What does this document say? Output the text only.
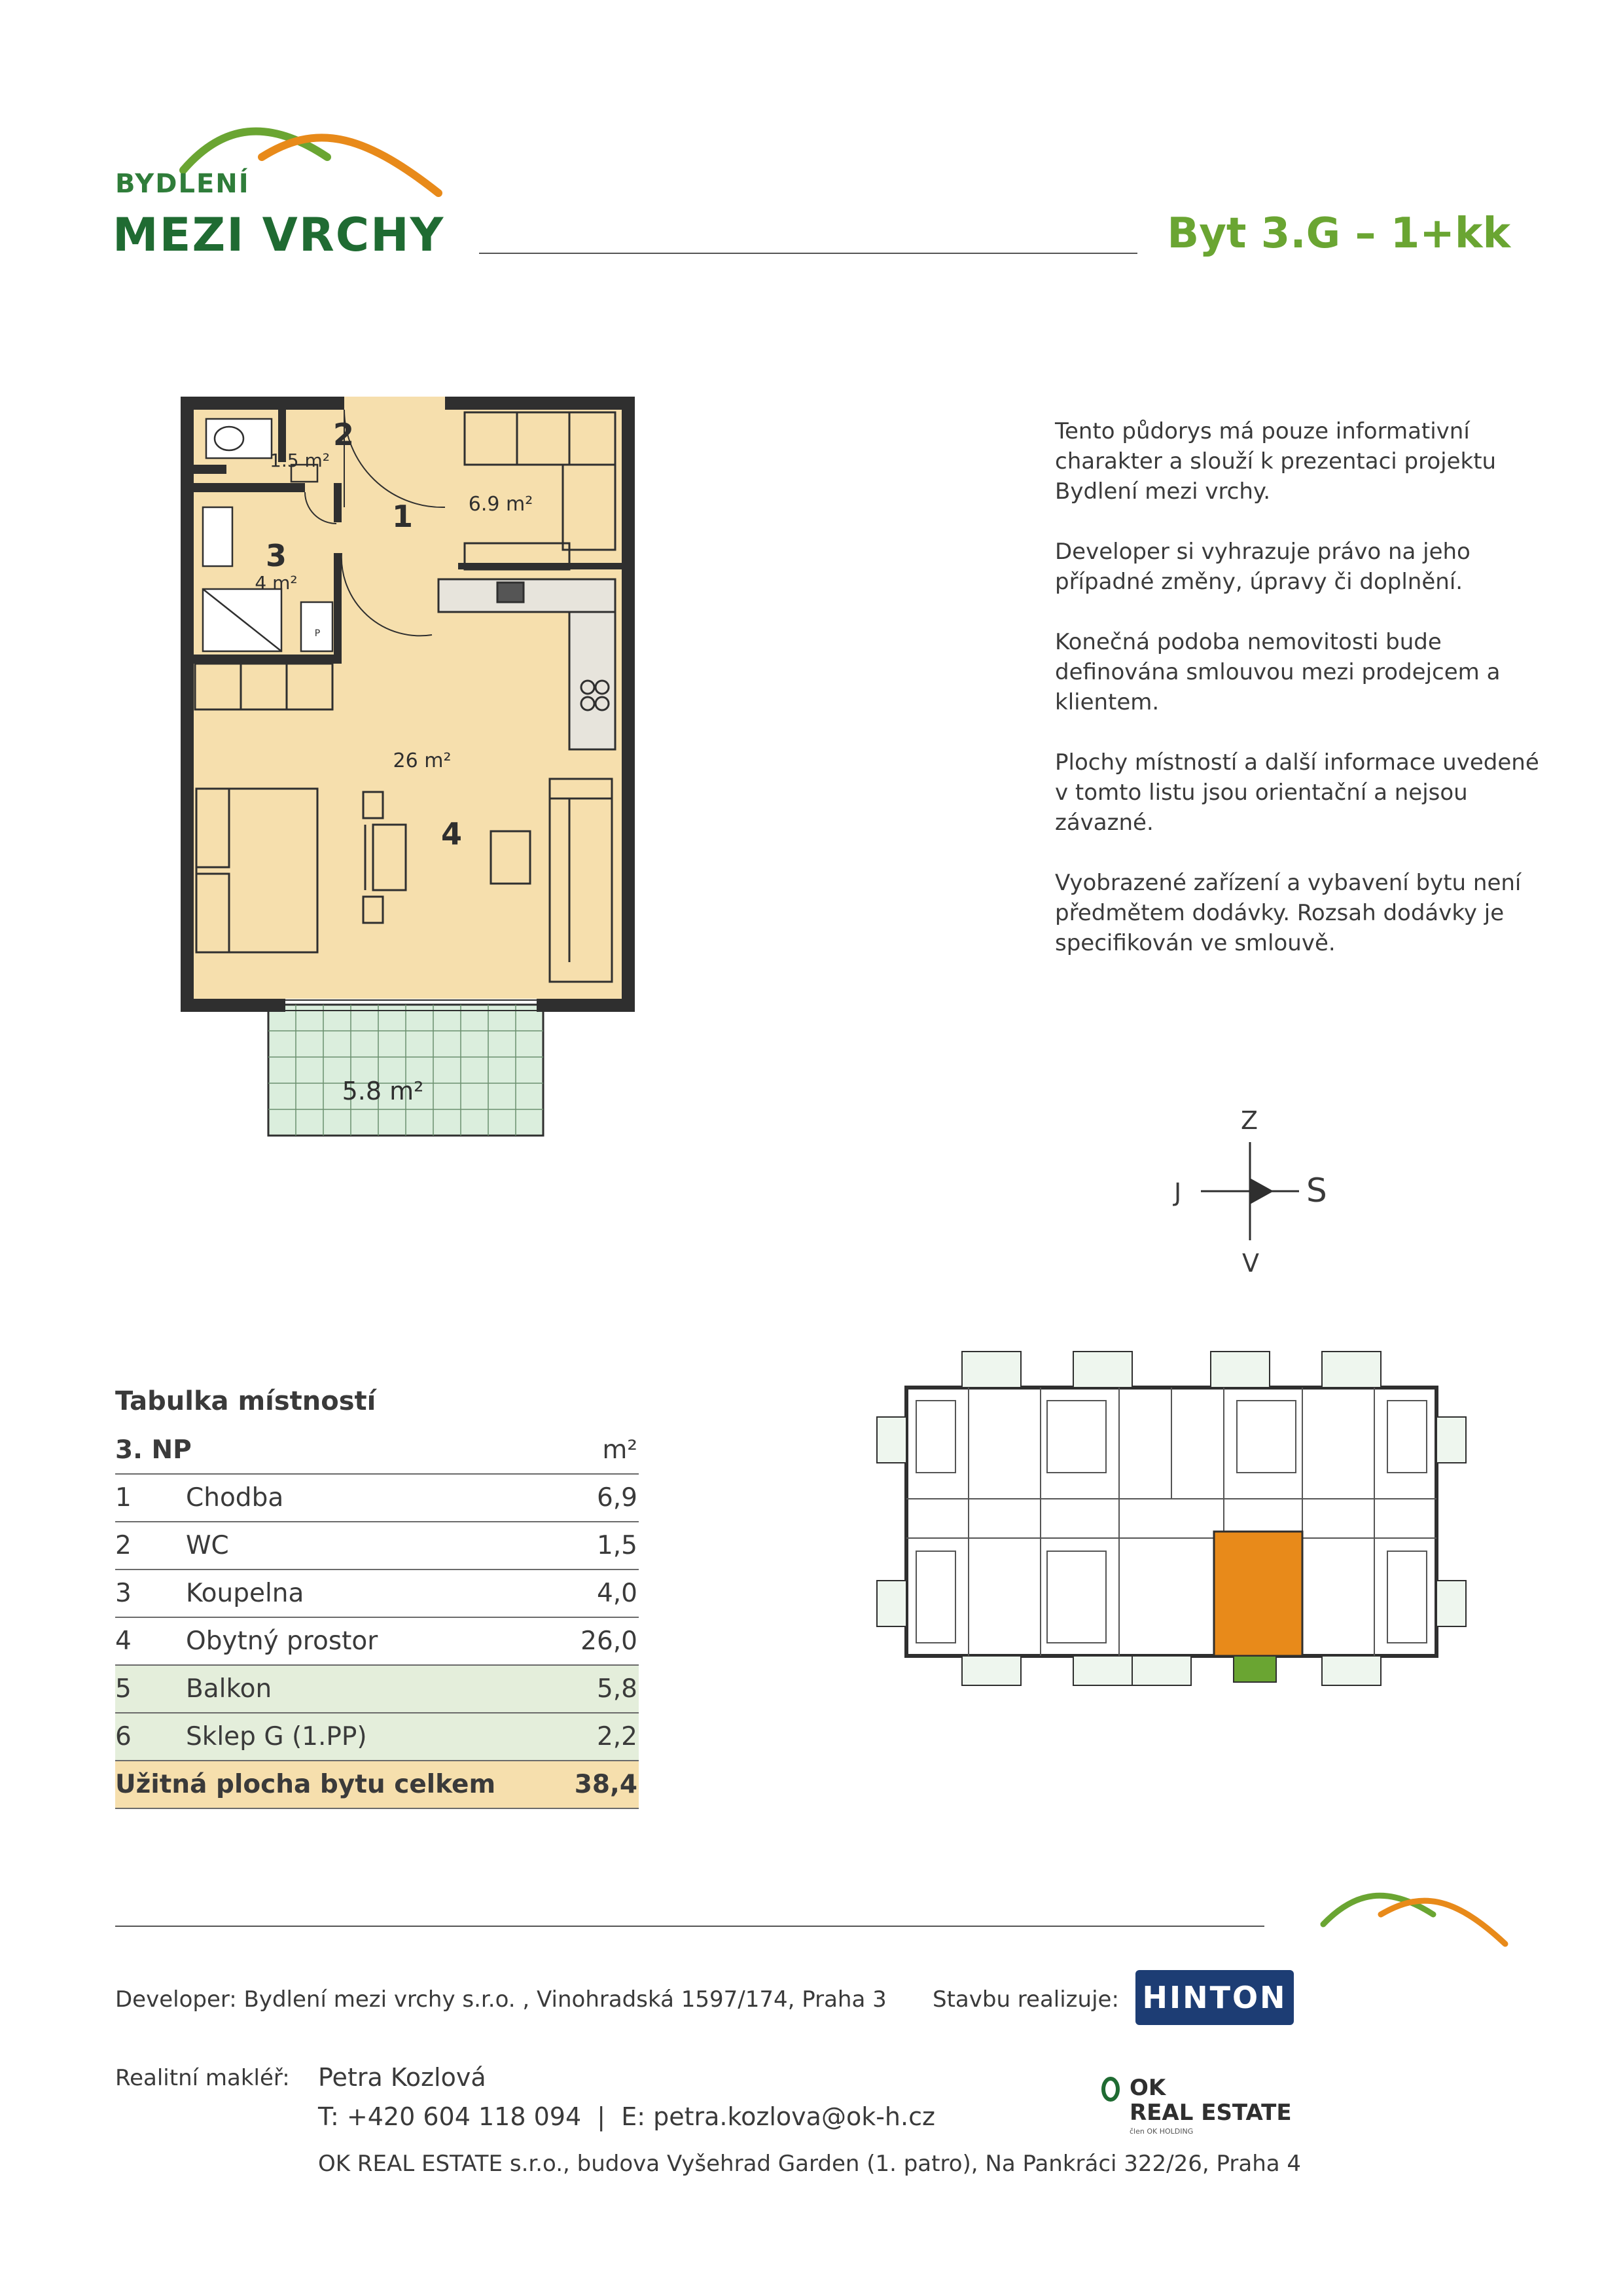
BYDLENÍ
MEZI VRCHY	Byt 3.G – 1+kk
P
1	6.9 m²
2
1.5 m²
3
4 m²
4
26 m²
5.8 m²

Tento půdorys má pouze informativní charakter a slouží k prezentaci projektu Bydlení mezi vrchy.

Developer si vyhrazuje právo na jeho případné změny, úpravy či doplnění.

Konečná podoba nemovitosti bude definována smlouvou mezi prodejcem a klientem.

Plochy místností a další informace uvedené v tomto listu jsou orientační a nejsou závazné.

Vyobrazené zařízení a vybavení bytu není předmětem dodávky. Rozsah dodávky je specifikován ve smlouvě.

Z
V
J	S
Tabulka místností
3. NP	m²
1 Chodba	6,9
2 WC	1,5
3 Koupelna	4,0
4 Obytný prostor	26,0
5 Balkon	5,8
6 Sklep G (1.PP)	2,2
Užitná plocha bytu celkem	38,4
Developer: Bydlení mezi vrchy s.r.o. , Vinohradská 1597/174, Praha 3 Stavbu realizuje: HINTON
Realitní makléř: Petra Kozlová
T: +420 604 118 094  |  E: petra.kozlova@ok-h.cz
OK
REAL ESTATE
člen OK HOLDING
OK REAL ESTATE s.r.o., budova Vyšehrad Garden (1. patro), Na Pankráci 322/26, Praha 4
